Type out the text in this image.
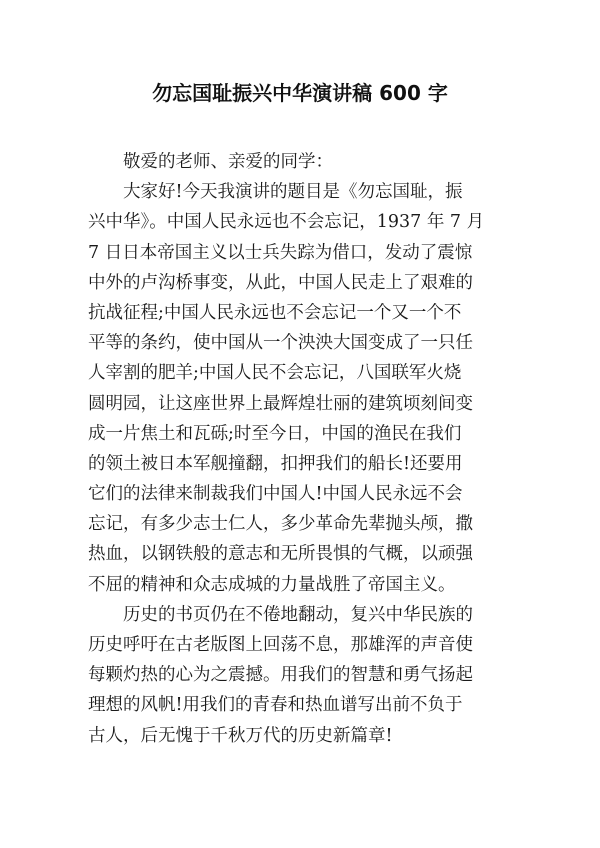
勿忘国耻振兴中华演讲稿 600 字
敬爱的老师、亲爱的同学：
大家好!今天我演讲的题目是《勿忘国耻，振
兴中华》。中国人民永远也不会忘记，1937 年 7 月
7 日日本帝国主义以士兵失踪为借口，发动了震惊
中外的卢沟桥事变，从此，中国人民走上了艰难的
抗战征程;中国人民永远也不会忘记一个又一个不
平等的条约，使中国从一个泱泱大国变成了一只任
人宰割的肥羊;中国人民不会忘记，八国联军火烧
圆明园，让这座世界上最辉煌壮丽的建筑顷刻间变
成一片焦土和瓦砾;时至今日，中国的渔民在我们
的领土被日本军舰撞翻，扣押我们的船长!还要用
它们的法律来制裁我们中国人!中国人民永远不会
忘记，有多少志士仁人，多少革命先辈抛头颅，撒
热血，以钢铁般的意志和无所畏惧的气概，以顽强
不屈的精神和众志成城的力量战胜了帝国主义。
历史的书页仍在不倦地翻动，复兴中华民族的
历史呼吁在古老版图上回荡不息，那雄浑的声音使
每颗灼热的心为之震撼。用我们的智慧和勇气扬起
理想的风帆!用我们的青春和热血谱写出前不负于
古人，后无愧于千秋万代的历史新篇章!
